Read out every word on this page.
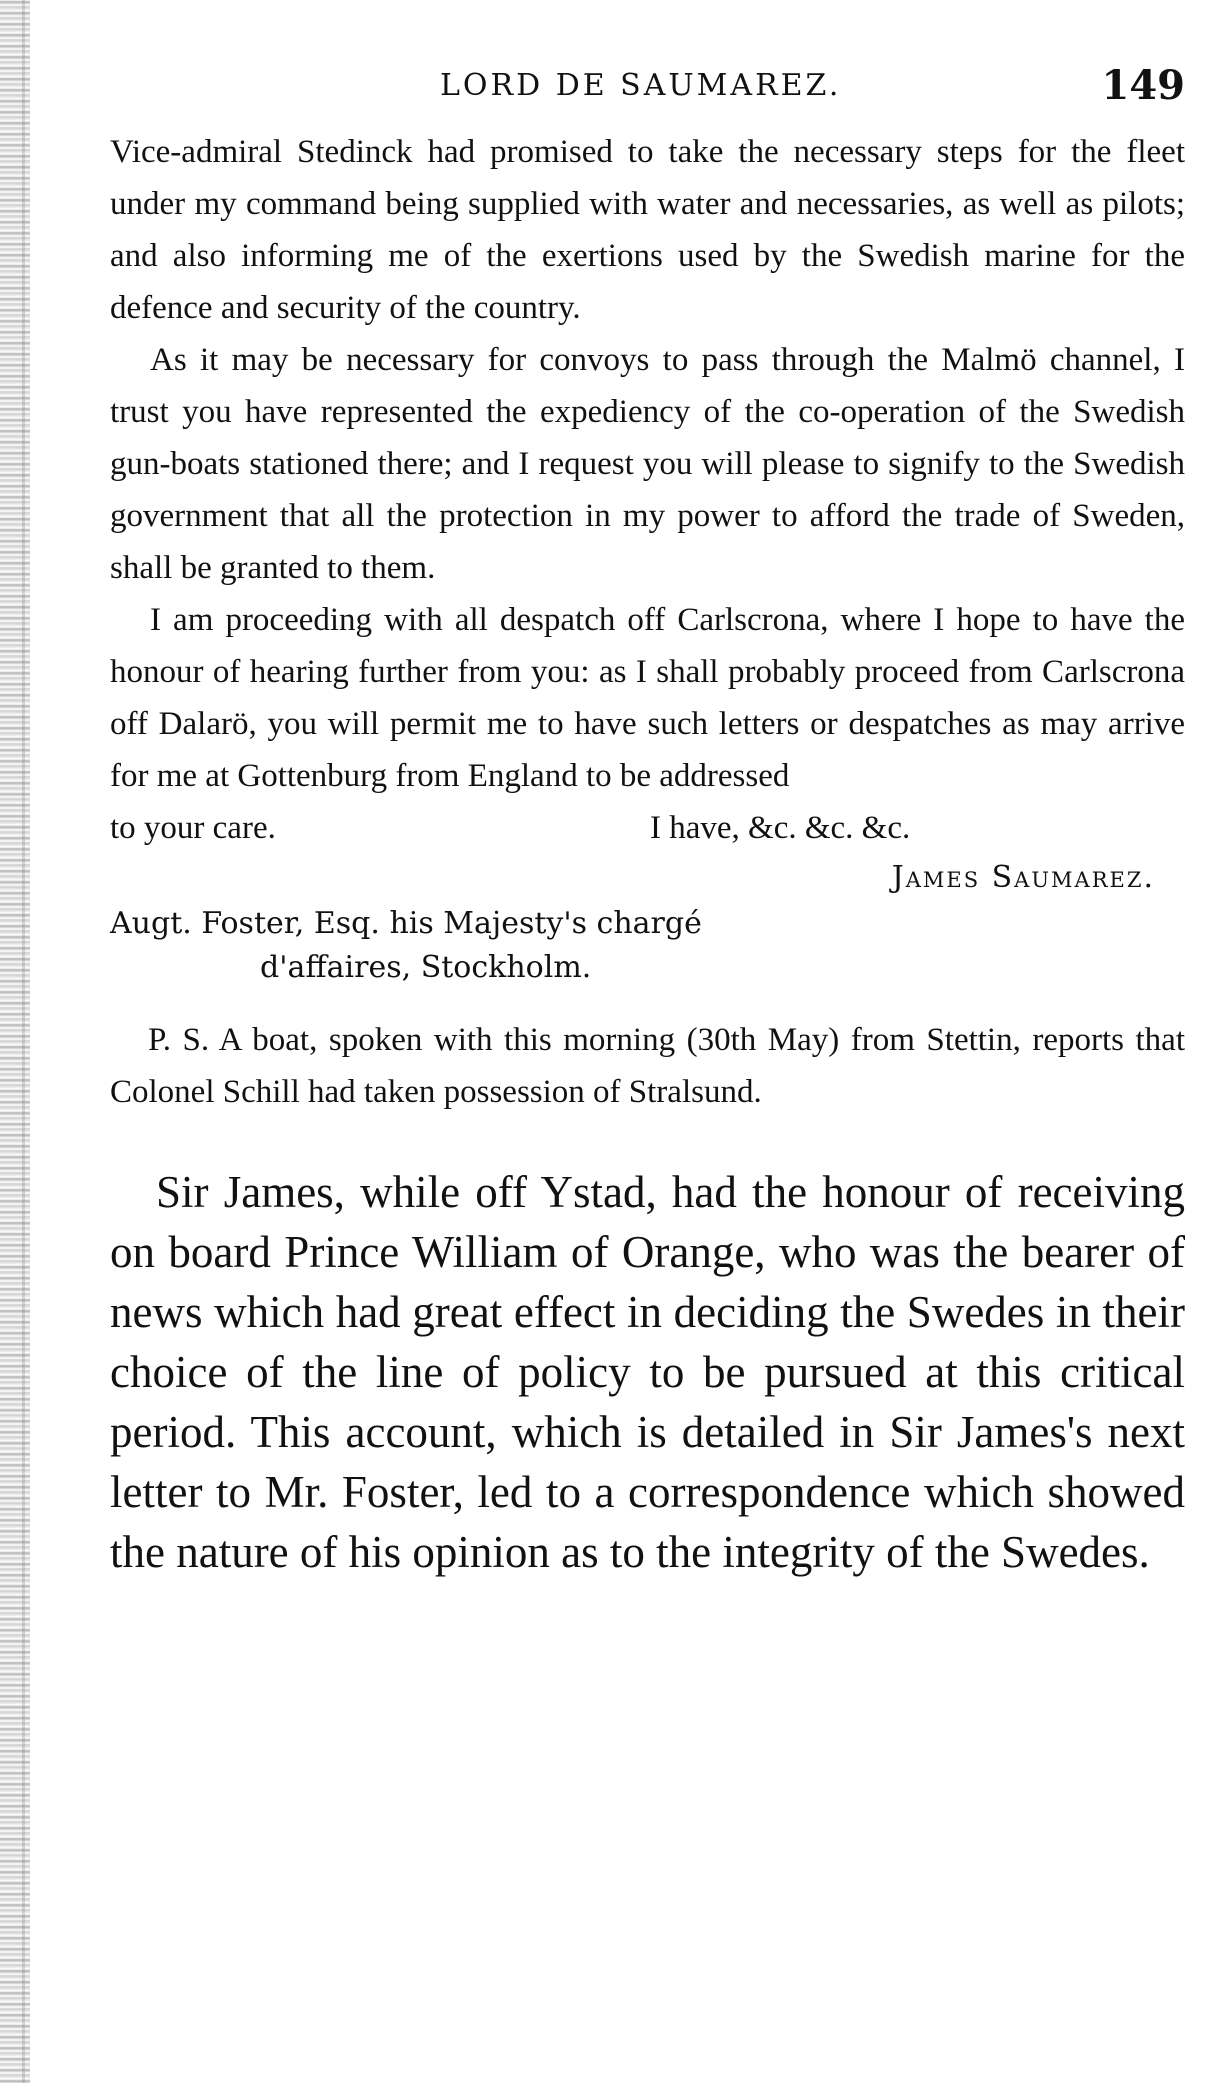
LORD DE SAUMAREZ.	149

Vice-admiral Stedinck had promised to take the necessary steps for the fleet under my command being supplied with water and necessaries, as well as pilots; and also informing me of the exertions used by the Swedish marine for the defence and security of the country.

As it may be necessary for convoys to pass through the Malmö channel, I trust you have represented the expediency of the co-operation of the Swedish gun-boats stationed there; and I request you will please to signify to the Swedish government that all the protection in my power to afford the trade of Sweden, shall be granted to them.

I am proceeding with all despatch off Carlscrona, where I hope to have the honour of hearing further from you: as I shall probably proceed from Carlscrona off Dalarö, you will permit me to have such letters or despatches as may arrive for me at Gottenburg from England to be addressed

to your care.	I have, &c. &c. &c.
James Saumarez.
Augt. Foster, Esq. his Majesty's chargé
d'affaires, Stockholm.

P. S. A boat, spoken with this morning (30th May) from Stettin, reports that Colonel Schill had taken possession of Stralsund.

Sir James, while off Ystad, had the honour of receiving on board Prince William of Orange, who was the bearer of news which had great effect in deciding the Swedes in their choice of the line of policy to be pursued at this critical period. This account, which is detailed in Sir James's next letter to Mr. Foster, led to a correspondence which showed the nature of his opinion as to the integrity of the Swedes.
